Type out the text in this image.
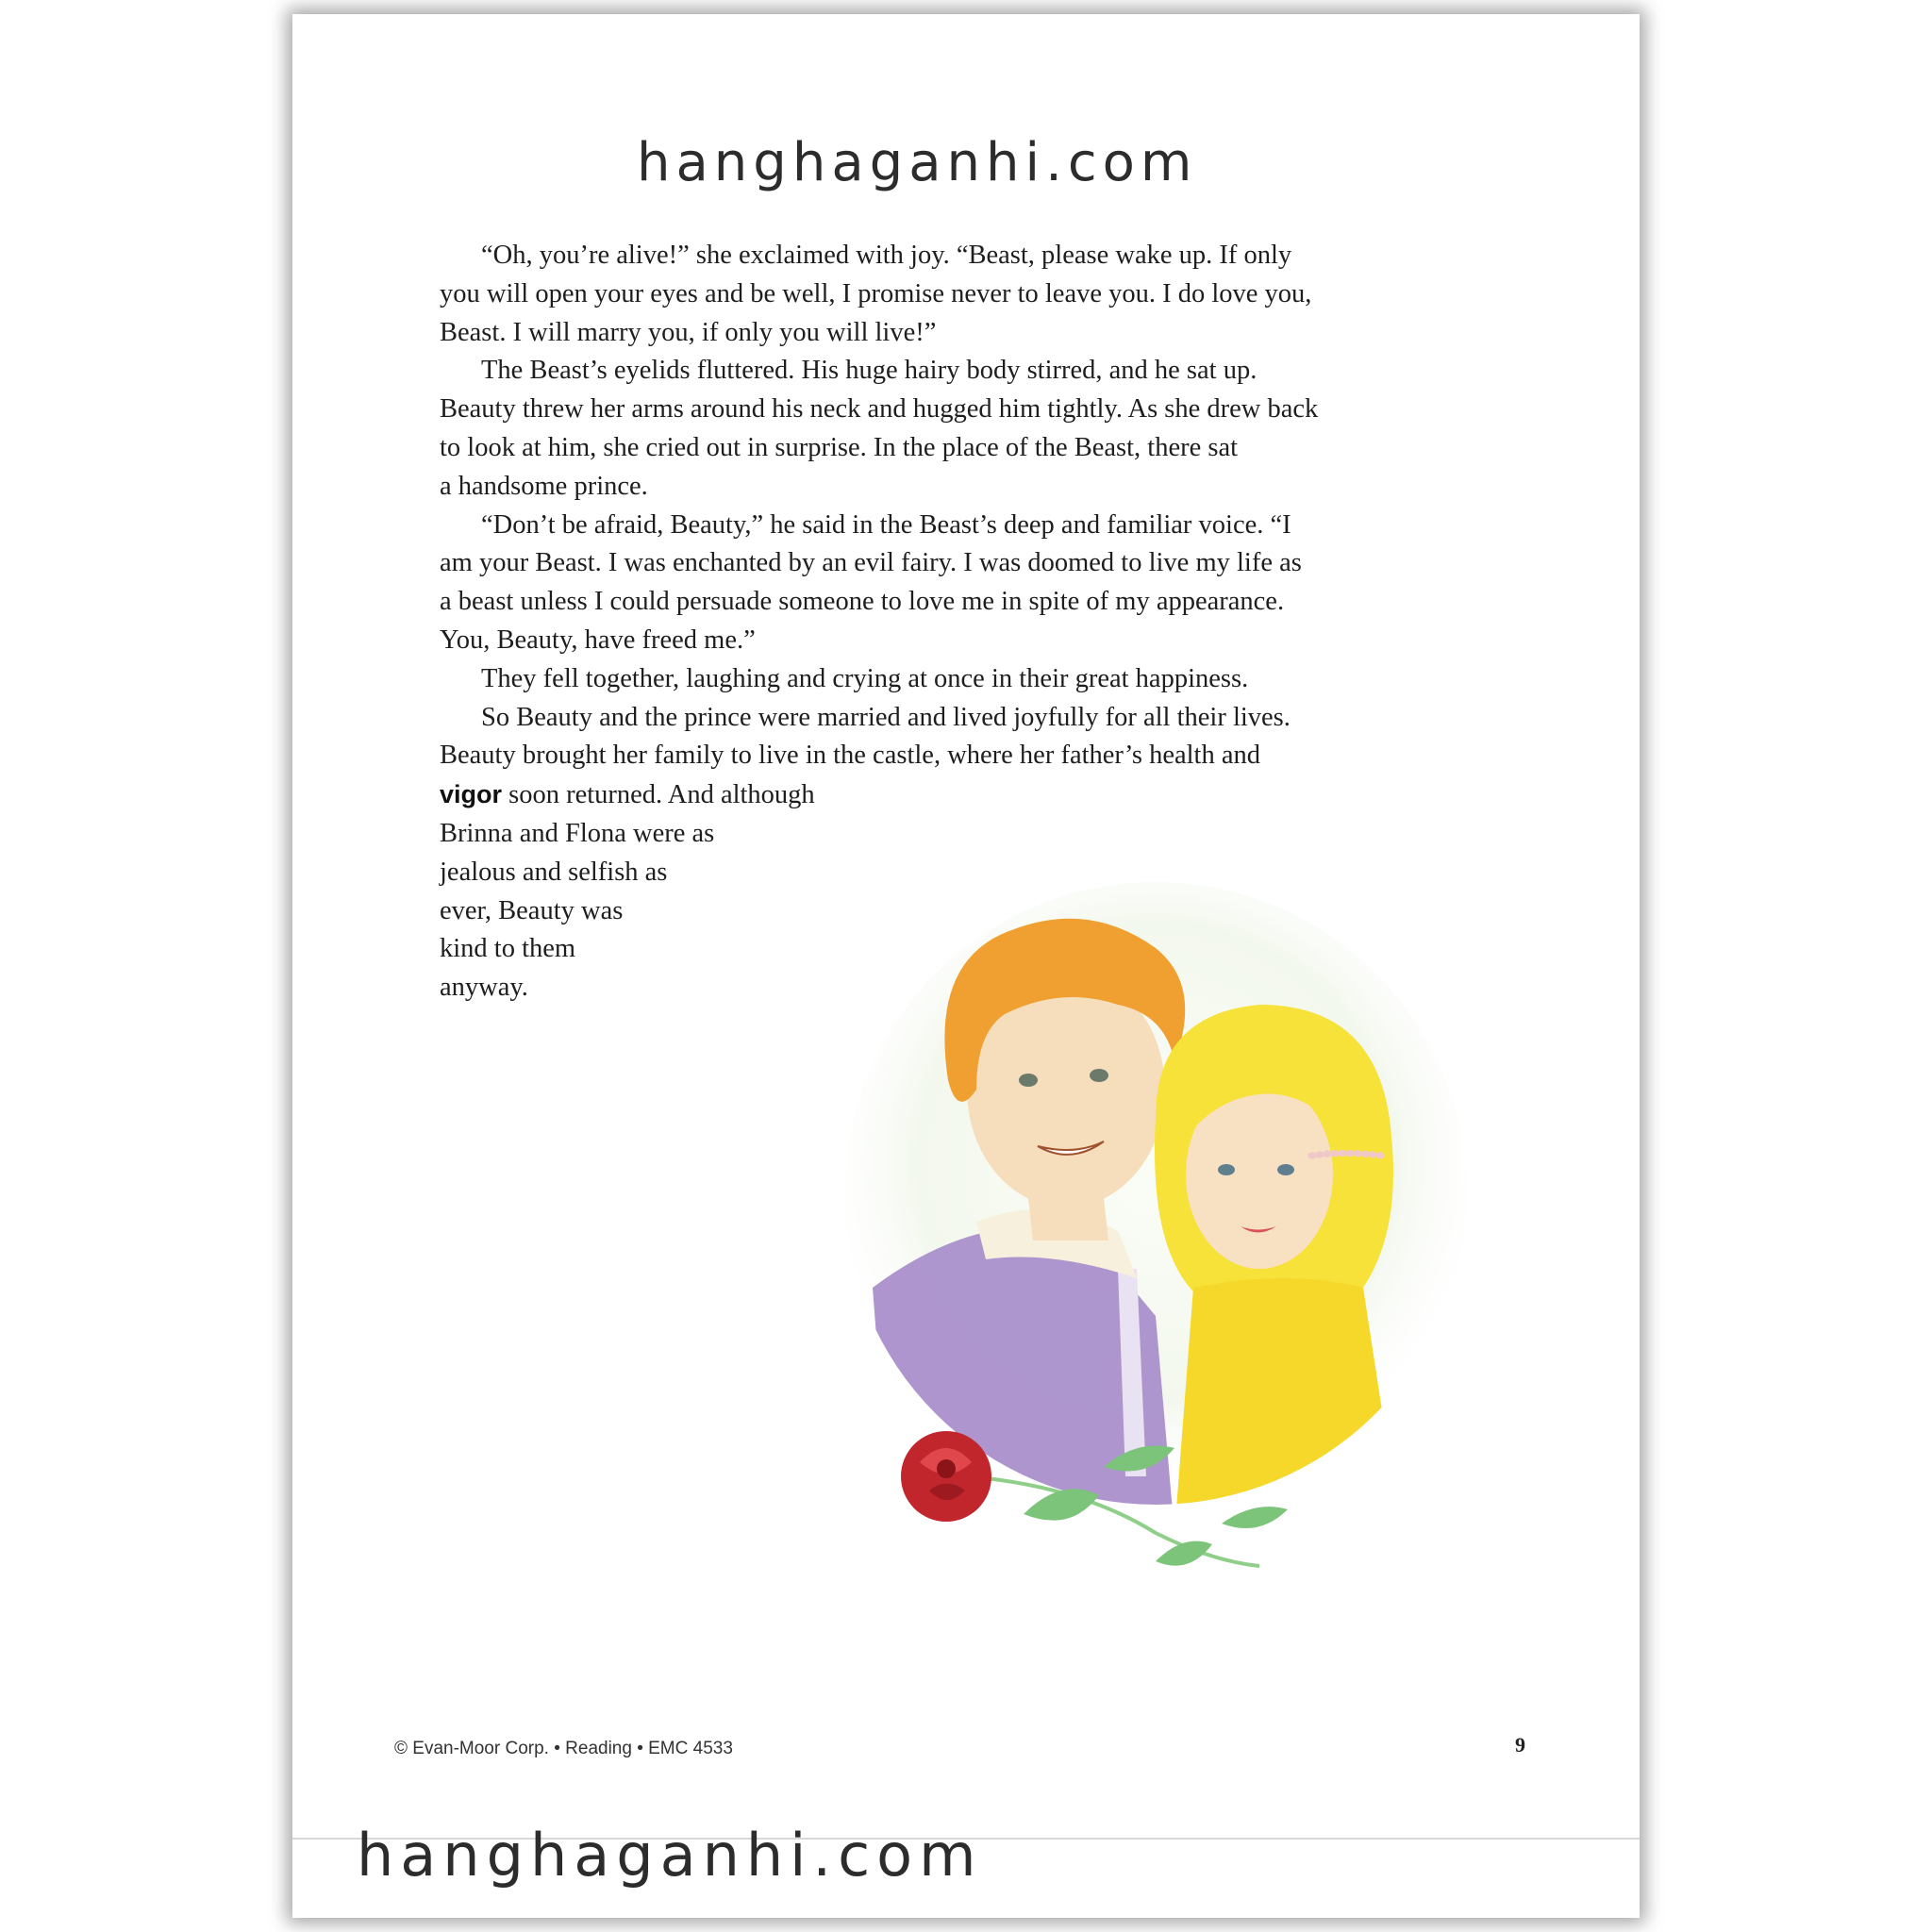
“Oh, you’re alive!” she exclaimed with joy. “Beast, please wake up. If only
you will open your eyes and be well, I promise never to leave you. I do love you,
Beast. I will marry you, if only you will live!”

The Beast’s eyelids fluttered. His huge hairy body stirred, and he sat up.
Beauty threw her arms around his neck and hugged him tightly. As she drew back
to look at him, she cried out in surprise. In the place of the Beast, there sat
a handsome prince.

“Don’t be afraid, Beauty,” he said in the Beast’s deep and familiar voice. “I
am your Beast. I was enchanted by an evil fairy. I was doomed to live my life as
a beast unless I could persuade someone to love me in spite of my appearance.
You, Beauty, have freed me.”

They fell together, laughing and crying at once in their great happiness.

So Beauty and the prince were married and lived joyfully for all their lives.
Beauty brought her family to live in the castle, where her father’s health and
vigor soon returned. And although
Brinna and Flona were as
jealous and selfish as
ever, Beauty was
kind to them
anyway.

© Evan-Moor Corp. • Reading • EMC 4533	9
hanghaganhi.com
hanghaganhi.com
